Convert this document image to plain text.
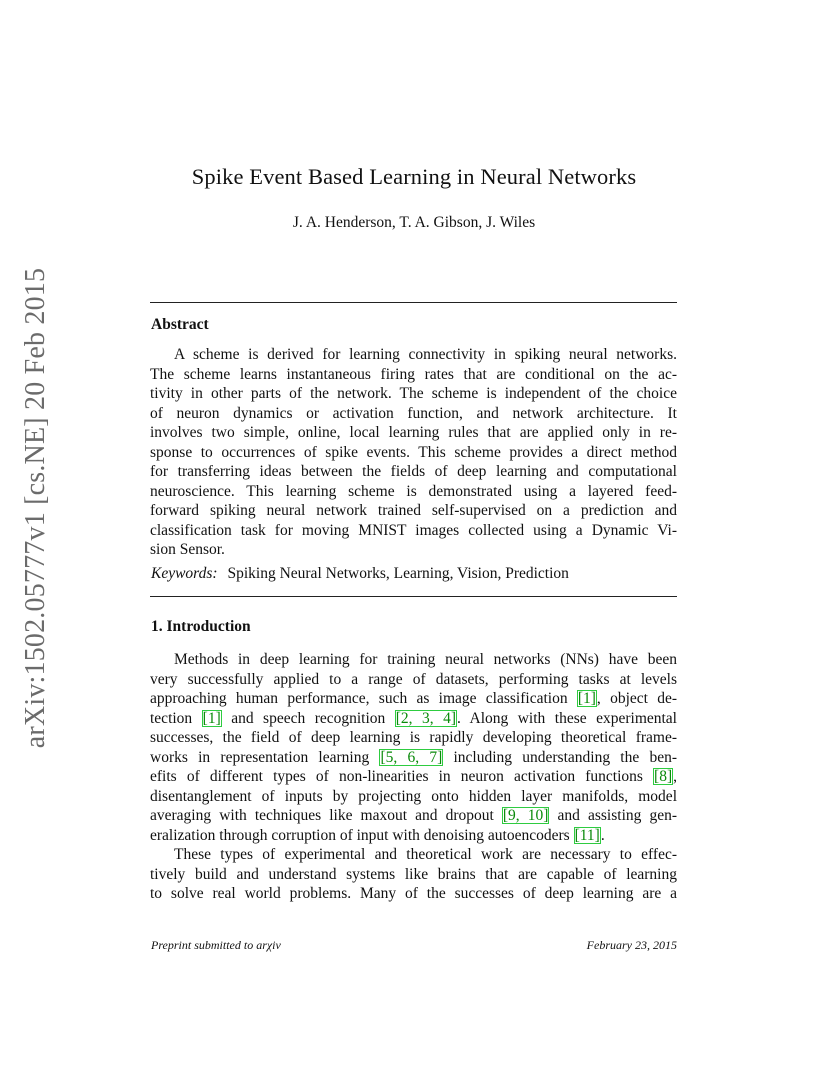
arXiv:1502.05777v1 [cs.NE] 20 Feb 2015
Spike Event Based Learning in Neural Networks
J. A. Henderson, T. A. Gibson, J. Wiles
Abstract
A scheme is derived for learning connectivity in spiking neural networks.
The scheme learns instantaneous firing rates that are conditional on the ac-
tivity in other parts of the network. The scheme is independent of the choice
of neuron dynamics or activation function, and network architecture. It
involves two simple, online, local learning rules that are applied only in re-
sponse to occurrences of spike events. This scheme provides a direct method
for transferring ideas between the fields of deep learning and computational
neuroscience. This learning scheme is demonstrated using a layered feed-
forward spiking neural network trained self-supervised on a prediction and
classification task for moving MNIST images collected using a Dynamic Vi-
sion Sensor.
Keywords: Spiking Neural Networks, Learning, Vision, Prediction
1. Introduction
Methods in deep learning for training neural networks (NNs) have been
very successfully applied to a range of datasets, performing tasks at levels
approaching human performance, such as image classification [1], object de-
tection [1] and speech recognition [2, 3, 4]. Along with these experimental
successes, the field of deep learning is rapidly developing theoretical frame-
works in representation learning [5, 6, 7] including understanding the ben-
efits of different types of non-linearities in neuron activation functions [8],
disentanglement of inputs by projecting onto hidden layer manifolds, model
averaging with techniques like maxout and dropout [9, 10] and assisting gen-
eralization through corruption of input with denoising autoencoders [11].
These types of experimental and theoretical work are necessary to effec-
tively build and understand systems like brains that are capable of learning
to solve real world problems. Many of the successes of deep learning are a
Preprint submitted to arχiv	February 23, 2015
